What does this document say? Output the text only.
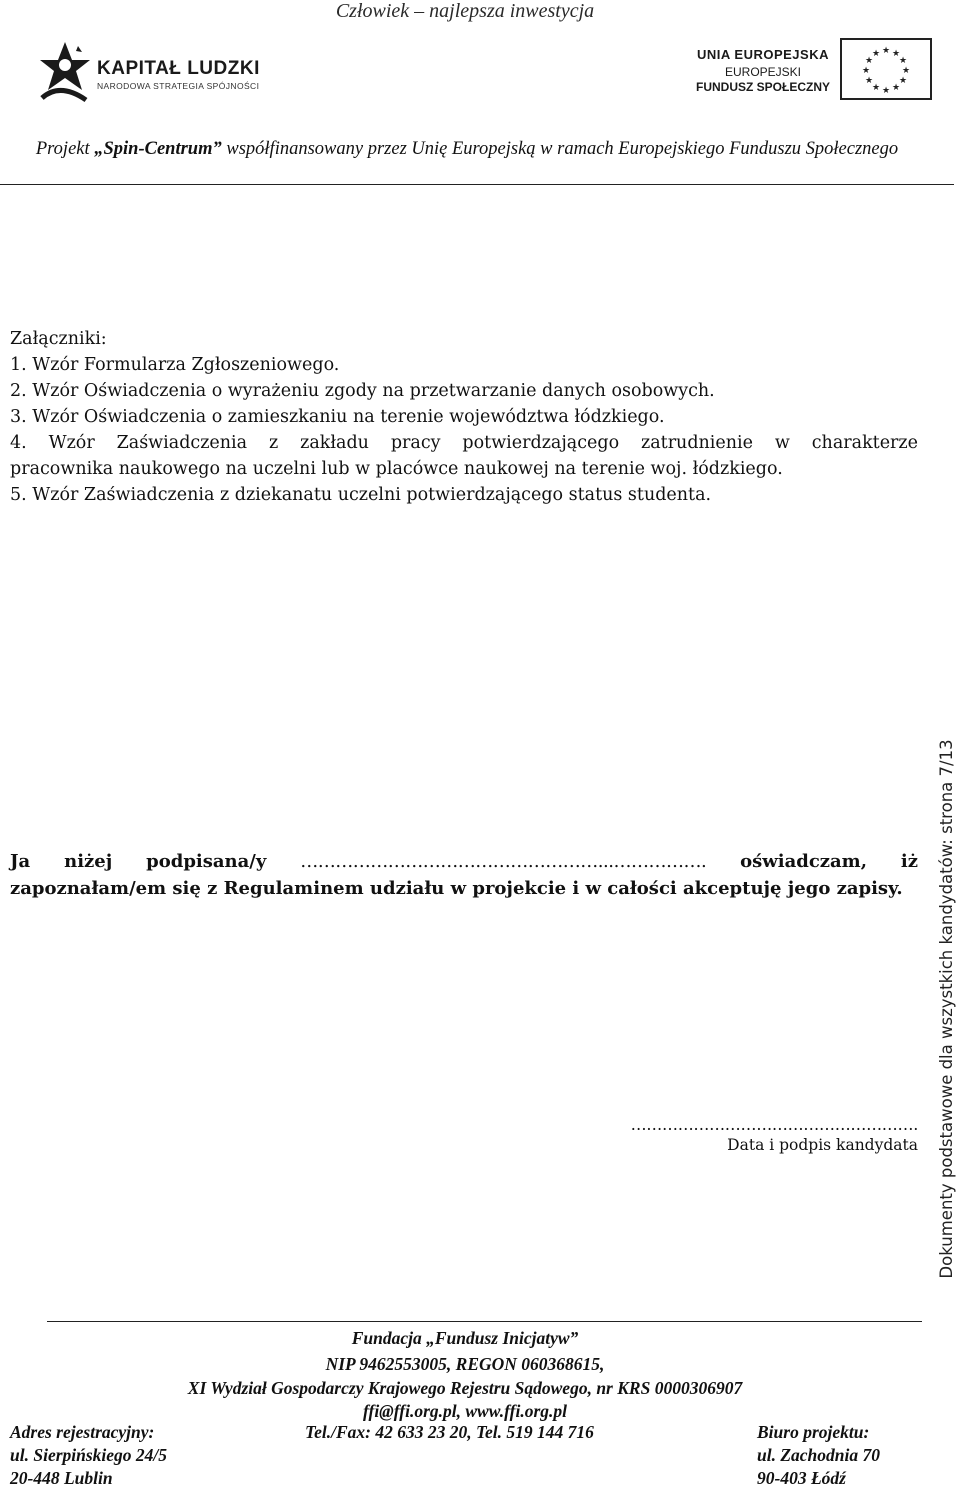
Człowiek – najlepsza inwestycja
KAPITAŁ LUDZKI
NARODOWA STRATEGIA SPÓJNOŚCI
UNIA EUROPEJSKA
EUROPEJSKI
FUNDUSZ SPOŁECZNY
★ ★
★
★
★
★
★
★
★
★
★
★
Projekt „Spin-Centrum” współfinansowany przez Unię Europejską w ramach Europejskiego Funduszu Społecznego

Załączniki:

1. Wzór Formularza Zgłoszeniowego.

2. Wzór Oświadczenia o wyrażeniu zgody na przetwarzanie danych osobowych.

3. Wzór Oświadczenia o zamieszkaniu na terenie województwa łódzkiego.

4. Wzór Zaświadczenia z zakładu pracy potwierdzającego zatrudnienie w charakterze

pracownika naukowego na uczelni lub w placówce naukowej na terenie woj. łódzkiego.

5. Wzór Zaświadczenia z dziekanatu uczelni potwierdzającego status studenta.

Ja niżej podpisana/y ……………………………………………...……………. oświadczam, iż zapoznałam/em się z Regulaminem udziału w projekcie i w całości akceptuję jego zapisy.
……………………………………………….
Data i podpis kandydata Dokumenty podstawowe dla wszystkich kandydatów: strona 7/13
Fundacja „Fundusz Inicjatyw”
NIP 9462553005, REGON 060368615,
XI Wydział Gospodarczy Krajowego Rejestru Sądowego, nr KRS 0000306907
ffi@ffi.org.pl, www.ffi.org.pl
Adres rejestracyjny:
ul. Sierpińskiego 24/5
20-448 Lublin
Tel./Fax: 42 633 23 20, Tel. 519 144 716	Biuro projektu:
ul. Zachodnia 70
90-403 Łódź
